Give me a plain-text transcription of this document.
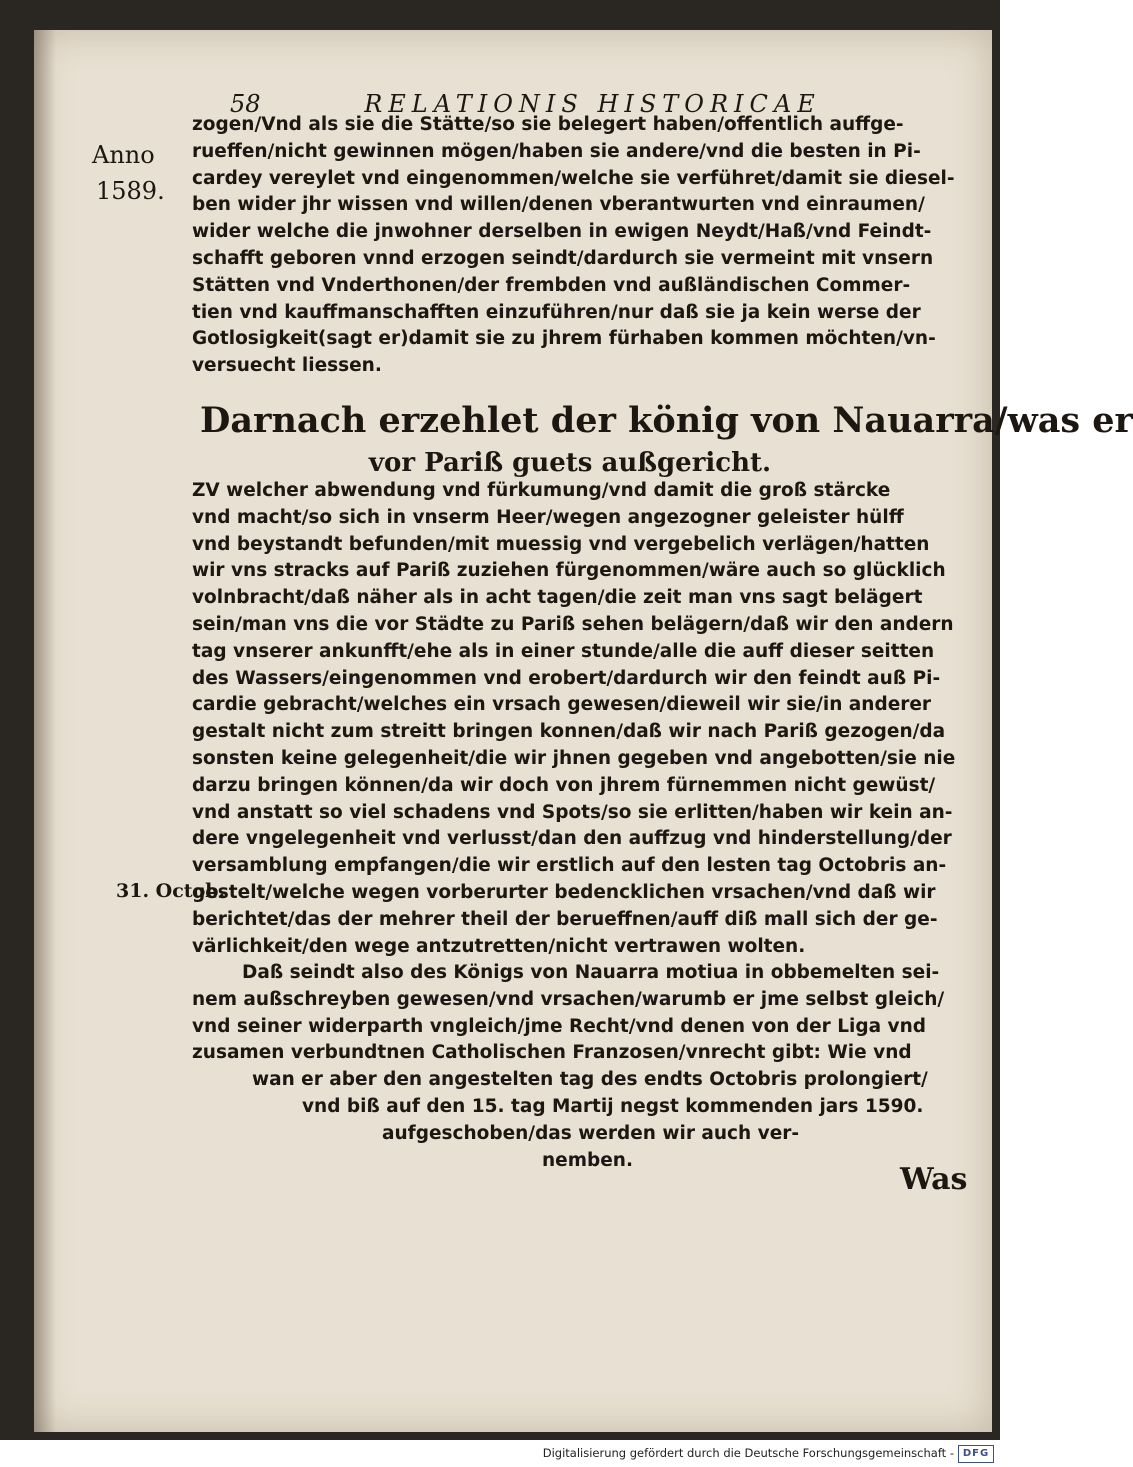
58	RELATIONIS HISTORICAE
Anno
1589.
31. Octob.
zogen/Vnd als sie die Stätte/so sie belegert haben/offentlich auffge-
rueffen/nicht gewinnen mögen/haben sie andere/vnd die besten in Pi-
cardey vereylet vnd eingenommen/welche sie verführet/damit sie diesel-
ben wider jhr wissen vnd willen/denen vberantwurten vnd einraumen/
wider welche die jnwohner derselben in ewigen Neydt/Haß/vnd Feindt-
schafft geboren vnnd erzogen seindt/dardurch sie vermeint mit vnsern
Stätten vnd Vnderthonen/der frembden vnd außländischen Commer-
tien vnd kauffmanschafften einzuführen/nur daß sie ja kein werse der
Gotlosigkeit(sagt er)damit sie zu jhrem fürhaben kommen möchten/vn-
versuecht liessen.
Darnach erzehlet der könig von Nauarra/was er
vor Pariß guets außgericht.
ZV welcher abwendung vnd fürkumung/vnd damit die groß stärcke
vnd macht/so sich in vnserm Heer/wegen angezogner geleister hülff
vnd beystandt befunden/mit muessig vnd vergebelich verlägen/hatten
wir vns stracks auf Pariß zuziehen fürgenommen/wäre auch so glücklich
volnbracht/daß näher als in acht tagen/die zeit man vns sagt belägert
sein/man vns die vor Städte zu Pariß sehen belägern/daß wir den andern
tag vnserer ankunfft/ehe als in einer stunde/alle die auff dieser seitten
des Wassers/eingenommen vnd erobert/dardurch wir den feindt auß Pi-
cardie gebracht/welches ein vrsach gewesen/dieweil wir sie/in anderer
gestalt nicht zum streitt bringen konnen/daß wir nach Pariß gezogen/da
sonsten keine gelegenheit/die wir jhnen gegeben vnd angebotten/sie nie
darzu bringen können/da wir doch von jhrem fürnemmen nicht gewüst/
vnd anstatt so viel schadens vnd Spots/so sie erlitten/haben wir kein an-
dere vngelegenheit vnd verlusst/dan den auffzug vnd hinderstellung/der
versamblung empfangen/die wir erstlich auf den lesten tag Octobris an-
gestelt/welche wegen vorberurter bedencklichen vrsachen/vnd daß wir
berichtet/das der mehrer theil der berueffnen/auff diß mall sich der ge-
värlichkeit/den wege antzutretten/nicht vertrawen wolten.
Daß seindt also des Königs von Nauarra motiua in obbemelten sei-
nem außschreyben gewesen/vnd vrsachen/warumb er jme selbst gleich/
vnd seiner widerparth vngleich/jme Recht/vnd denen von der Liga vnd
zusamen verbundtnen Catholischen Franzosen/vnrecht gibt: Wie vnd
wan er aber den angestelten tag des endts Octobris prolongiert/
vnd biß auf den 15. tag Martij negst kommenden jars 1590.
aufgeschoben/das werden wir auch ver-
nemben.
Was
Digitalisierung gefördert durch die Deutsche Forschungsgemeinschaft - DFG
